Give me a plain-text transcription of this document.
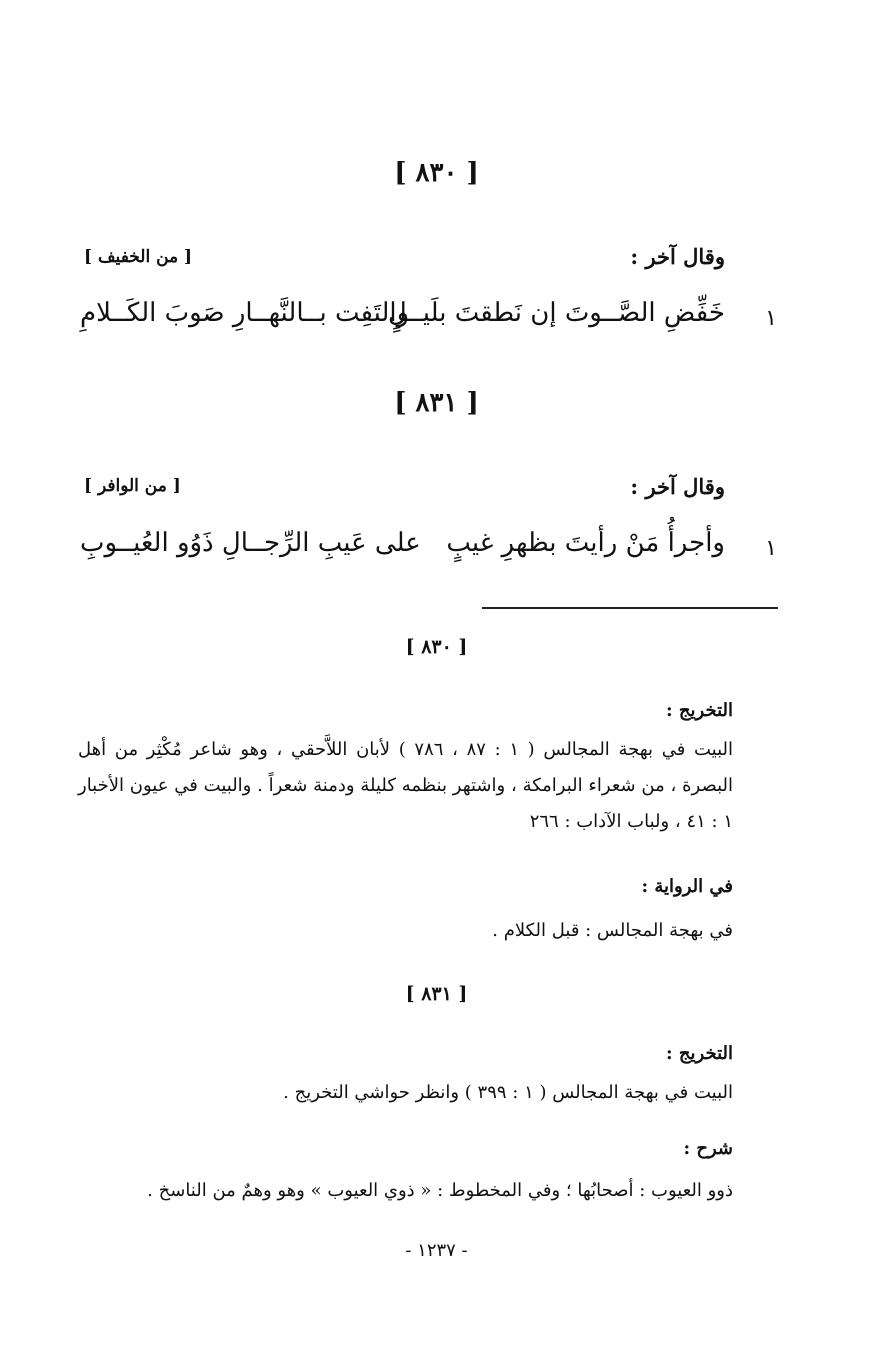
[ ٨٣٠ ]
وقال آخر :
[ من الخفيف ]
١
خَفِّضِ الصَّــوتَ إن نَطقتَ بلَيــلٍ
والتَفِت بــالنَّهــارِ صَوبَ الكَــلامِ
[ ٨٣١ ]
وقال آخر :
[ من الوافر ]
١
وأجرأُ مَنْ رأيتَ بظهرِ غيبٍ
على عَيبِ الرِّجــالِ ذَوُو العُيــوبِ
[ ٨٣٠ ]
التخريج :
البيت في بهجة المجالس ( ١ : ٨٧ ، ٧٨٦ ) لأبان اللاَّحقي ، وهو شاعر مُكْثِر من أهل البصرة ، من شعراء البرامكة ، واشتهر بنظمه كليلة ودمنة شعراً . والبيت في عيون الأخبار ١ : ٤١ ، ولباب الآداب : ٢٦٦
في الرواية :
في بهجة المجالس : قبل الكلام .
[ ٨٣١ ]
التخريج :
البيت في بهجة المجالس ( ١ : ٣٩٩ ) وانظر حواشي التخريج .
شرح :
ذوو العيوب : أصحابُها ؛ وفي المخطوط : « ذوي العيوب » وهو وهمٌ من الناسخ .
- ١٢٣٧ -
